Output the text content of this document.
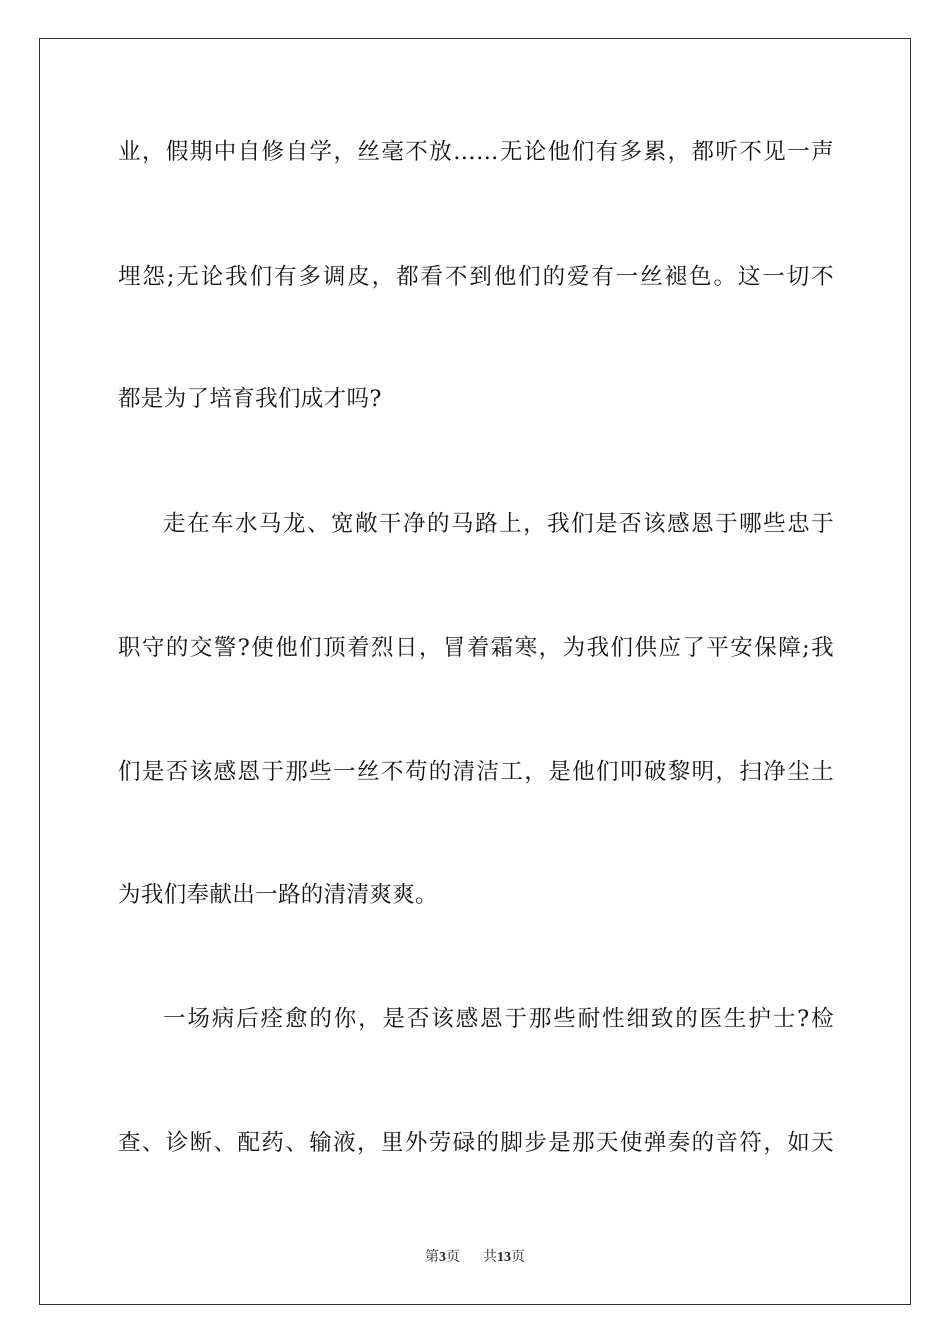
业，假期中自修自学，丝毫不放……无论他们有多累，都听不见一声
埋怨;无论我们有多调皮，都看不到他们的爱有一丝褪色。这一切不
都是为了培育我们成才吗?
走在车水马龙、宽敞干净的马路上，我们是否该感恩于哪些忠于
职守的交警?使他们顶着烈日，冒着霜寒，为我们供应了平安保障;我
们是否该感恩于那些一丝不苟的清洁工，是他们叩破黎明，扫净尘土
为我们奉献出一路的清清爽爽。
一场病后痊愈的你，是否该感恩于那些耐性细致的医生护士?检
查、诊断、配药、输液，里外劳碌的脚步是那天使弹奏的音符，如天
第3页 共13页
